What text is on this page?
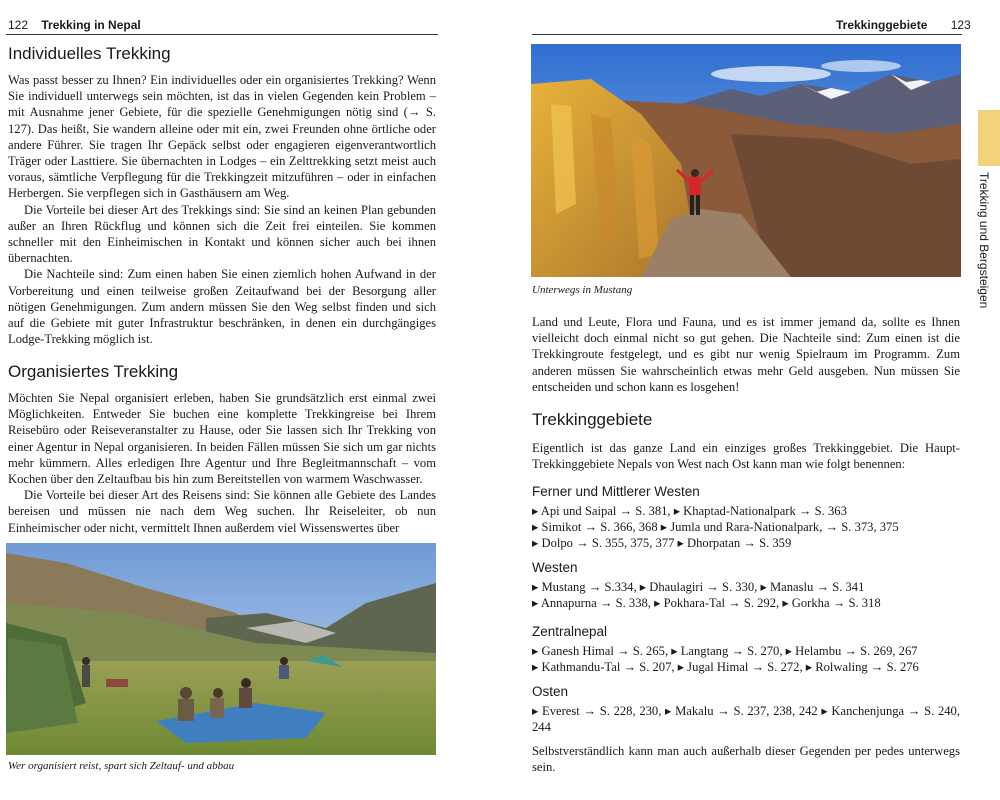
122 Trekking in Nepal
Individuelles Trekking
Was passt besser zu Ihnen? Ein individuelles oder ein organisiertes Trekking? Wenn Sie individuell unterwegs sein möchten, ist das in vielen Gegenden kein Problem – mit Ausnahme jener Gebiete, für die spezielle Genehmigungen nötig sind (→ S. 127). Das heißt, Sie wandern alleine oder mit ein, zwei Freunden ohne örtliche oder andere Führer. Sie tragen Ihr Gepäck selbst oder engagieren eigenverantwortlich Träger oder Lasttiere. Sie übernachten in Lodges – ein Zelttrekking setzt meist auch voraus, sämtliche Verpflegung für die Trekkingzeit mitzuführen – oder in einfachen Herbergen. Sie verpflegen sich in Gasthäusern am Weg.
Die Vorteile bei dieser Art des Trekkings sind: Sie sind an keinen Plan gebunden außer an Ihren Rückflug und können sich die Zeit frei einteilen. Sie kommen schneller mit den Einheimischen in Kontakt und können sicher auch bei ihnen übernachten.
Die Nachteile sind: Zum einen haben Sie einen ziemlich hohen Aufwand in der Vorbereitung und einen teilweise großen Zeitaufwand bei der Besorgung aller nötigen Genehmigungen. Zum andern müssen Sie den Weg selbst finden und sich auf die Gebiete mit guter Infrastruktur beschränken, in denen ein durchgängiges Lodge-Trekking möglich ist.
Organisiertes Trekking
Möchten Sie Nepal organisiert erleben, haben Sie grundsätzlich erst einmal zwei Möglichkeiten. Entweder Sie buchen eine komplette Trekkingreise bei Ihrem Reisebüro oder Reiseveranstalter zu Hause, oder Sie lassen sich Ihr Trekking von einer Agentur in Nepal organisieren. In beiden Fällen müssen Sie sich um gar nichts mehr kümmern. Alles erledigen Ihre Agentur und Ihre Begleitmannschaft – vom Kochen über den Zeltaufbau bis hin zum Bereitstellen von warmem Waschwasser.
Die Vorteile bei dieser Art des Reisens sind: Sie können alle Gebiete des Landes bereisen und müssen nie nach dem Weg suchen. Ihr Reiseleiter, ob nun Einheimischer oder nicht, vermittelt Ihnen außerdem viel Wissenswertes über
Wer organisiert reist, spart sich Zeltauf- und abbau
Trekkinggebiete 123
Unterwegs in Mustang
Land und Leute, Flora und Fauna, und es ist immer jemand da, sollte es Ihnen vielleicht doch einmal nicht so gut gehen. Die Nachteile sind: Zum einen ist die Trekkingroute festgelegt, und es gibt nur wenig Spielraum im Programm. Zum anderen müssen Sie wahrscheinlich etwas mehr Geld ausgeben. Nun müssen Sie entscheiden und schon kann es losgehen!
Trekkinggebiete
Eigentlich ist das ganze Land ein einziges großes Trekkinggebiet. Die Haupt-Trekkinggebiete Nepals von West nach Ost kann man wie folgt benennen:
Ferner und Mittlerer Westen
▸ Api und Saipal → S. 381, ▸ Khaptad-Nationalpark → S. 363
▸ Simikot → S. 366, 368 ▸ Jumla und Rara-Nationalpark, → S. 373, 375
▸ Dolpo → S. 355, 375, 377 ▸ Dhorpatan → S. 359
Westen
▸ Mustang → S.334, ▸ Dhaulagiri → S. 330, ▸ Manaslu → S. 341
▸ Annapurna → S. 338, ▸ Pokhara-Tal → S. 292, ▸ Gorkha → S. 318
Zentralnepal
▸ Ganesh Himal → S. 265, ▸ Langtang → S. 270, ▸ Helambu → S. 269, 267
▸ Kathmandu-Tal → S. 207, ▸ Jugal Himal → S. 272, ▸ Rolwaling → S. 276
Osten
▸ Everest → S. 228, 230, ▸ Makalu → S. 237, 238, 242 ▸ Kanchenjunga → S. 240, 244
Selbstverständlich kann man auch außerhalb dieser Gegenden per pedes unterwegs sein.
Trekking und Bergsteigen
